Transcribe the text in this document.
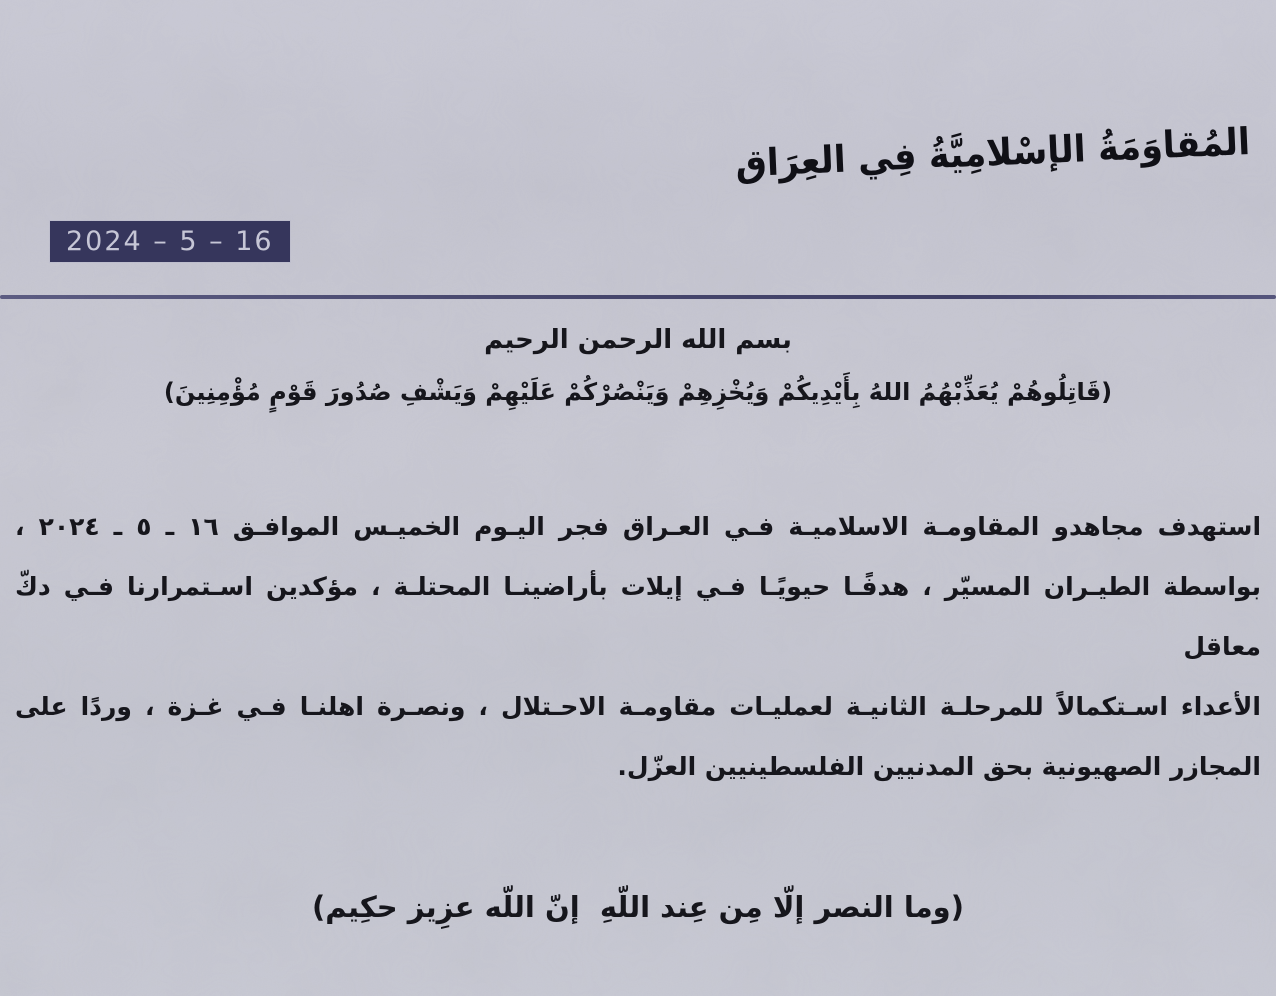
المُقاوَمَةُ الإسْلامِيَّةُ فِي العِرَاق
2024 – 5 – 16
بسم الله الرحمن الرحيم
(قَاتِلُوهُمْ يُعَذِّبْهُمُ اللهُ بِأَيْدِيكُمْ وَيُخْزِهِمْ وَيَنْصُرْكُمْ عَلَيْهِمْ وَيَشْفِ صُدُورَ قَوْمٍ مُؤْمِنِينَ)

استهدف مجاهدو المقاومـة الاسلاميـة فـي العـراق فجر اليـوم الخميـس الموافـق ١٦ ـ ٥ ـ ٢٠٢٤ ،

بواسطة الطيـران المسيّر ، هدفًـا حيويًـا فـي إيلات بأراضينـا المحتلـة ، مؤكدين اسـتمرارنا فـي دكّ معاقل

الأعداء اسـتكمالاً للمرحلـة الثانيـة لعمليـات مقاومـة الاحـتلال ، ونصـرة اهلنـا فـي غـزة ، وردًا على

المجازر الصهيونية بحق المدنيين الفلسطينيين العزّل.

(وما النصر إلّا مِن عِند اللّهِ  إنّ اللّه عزِيز حكِيم)
